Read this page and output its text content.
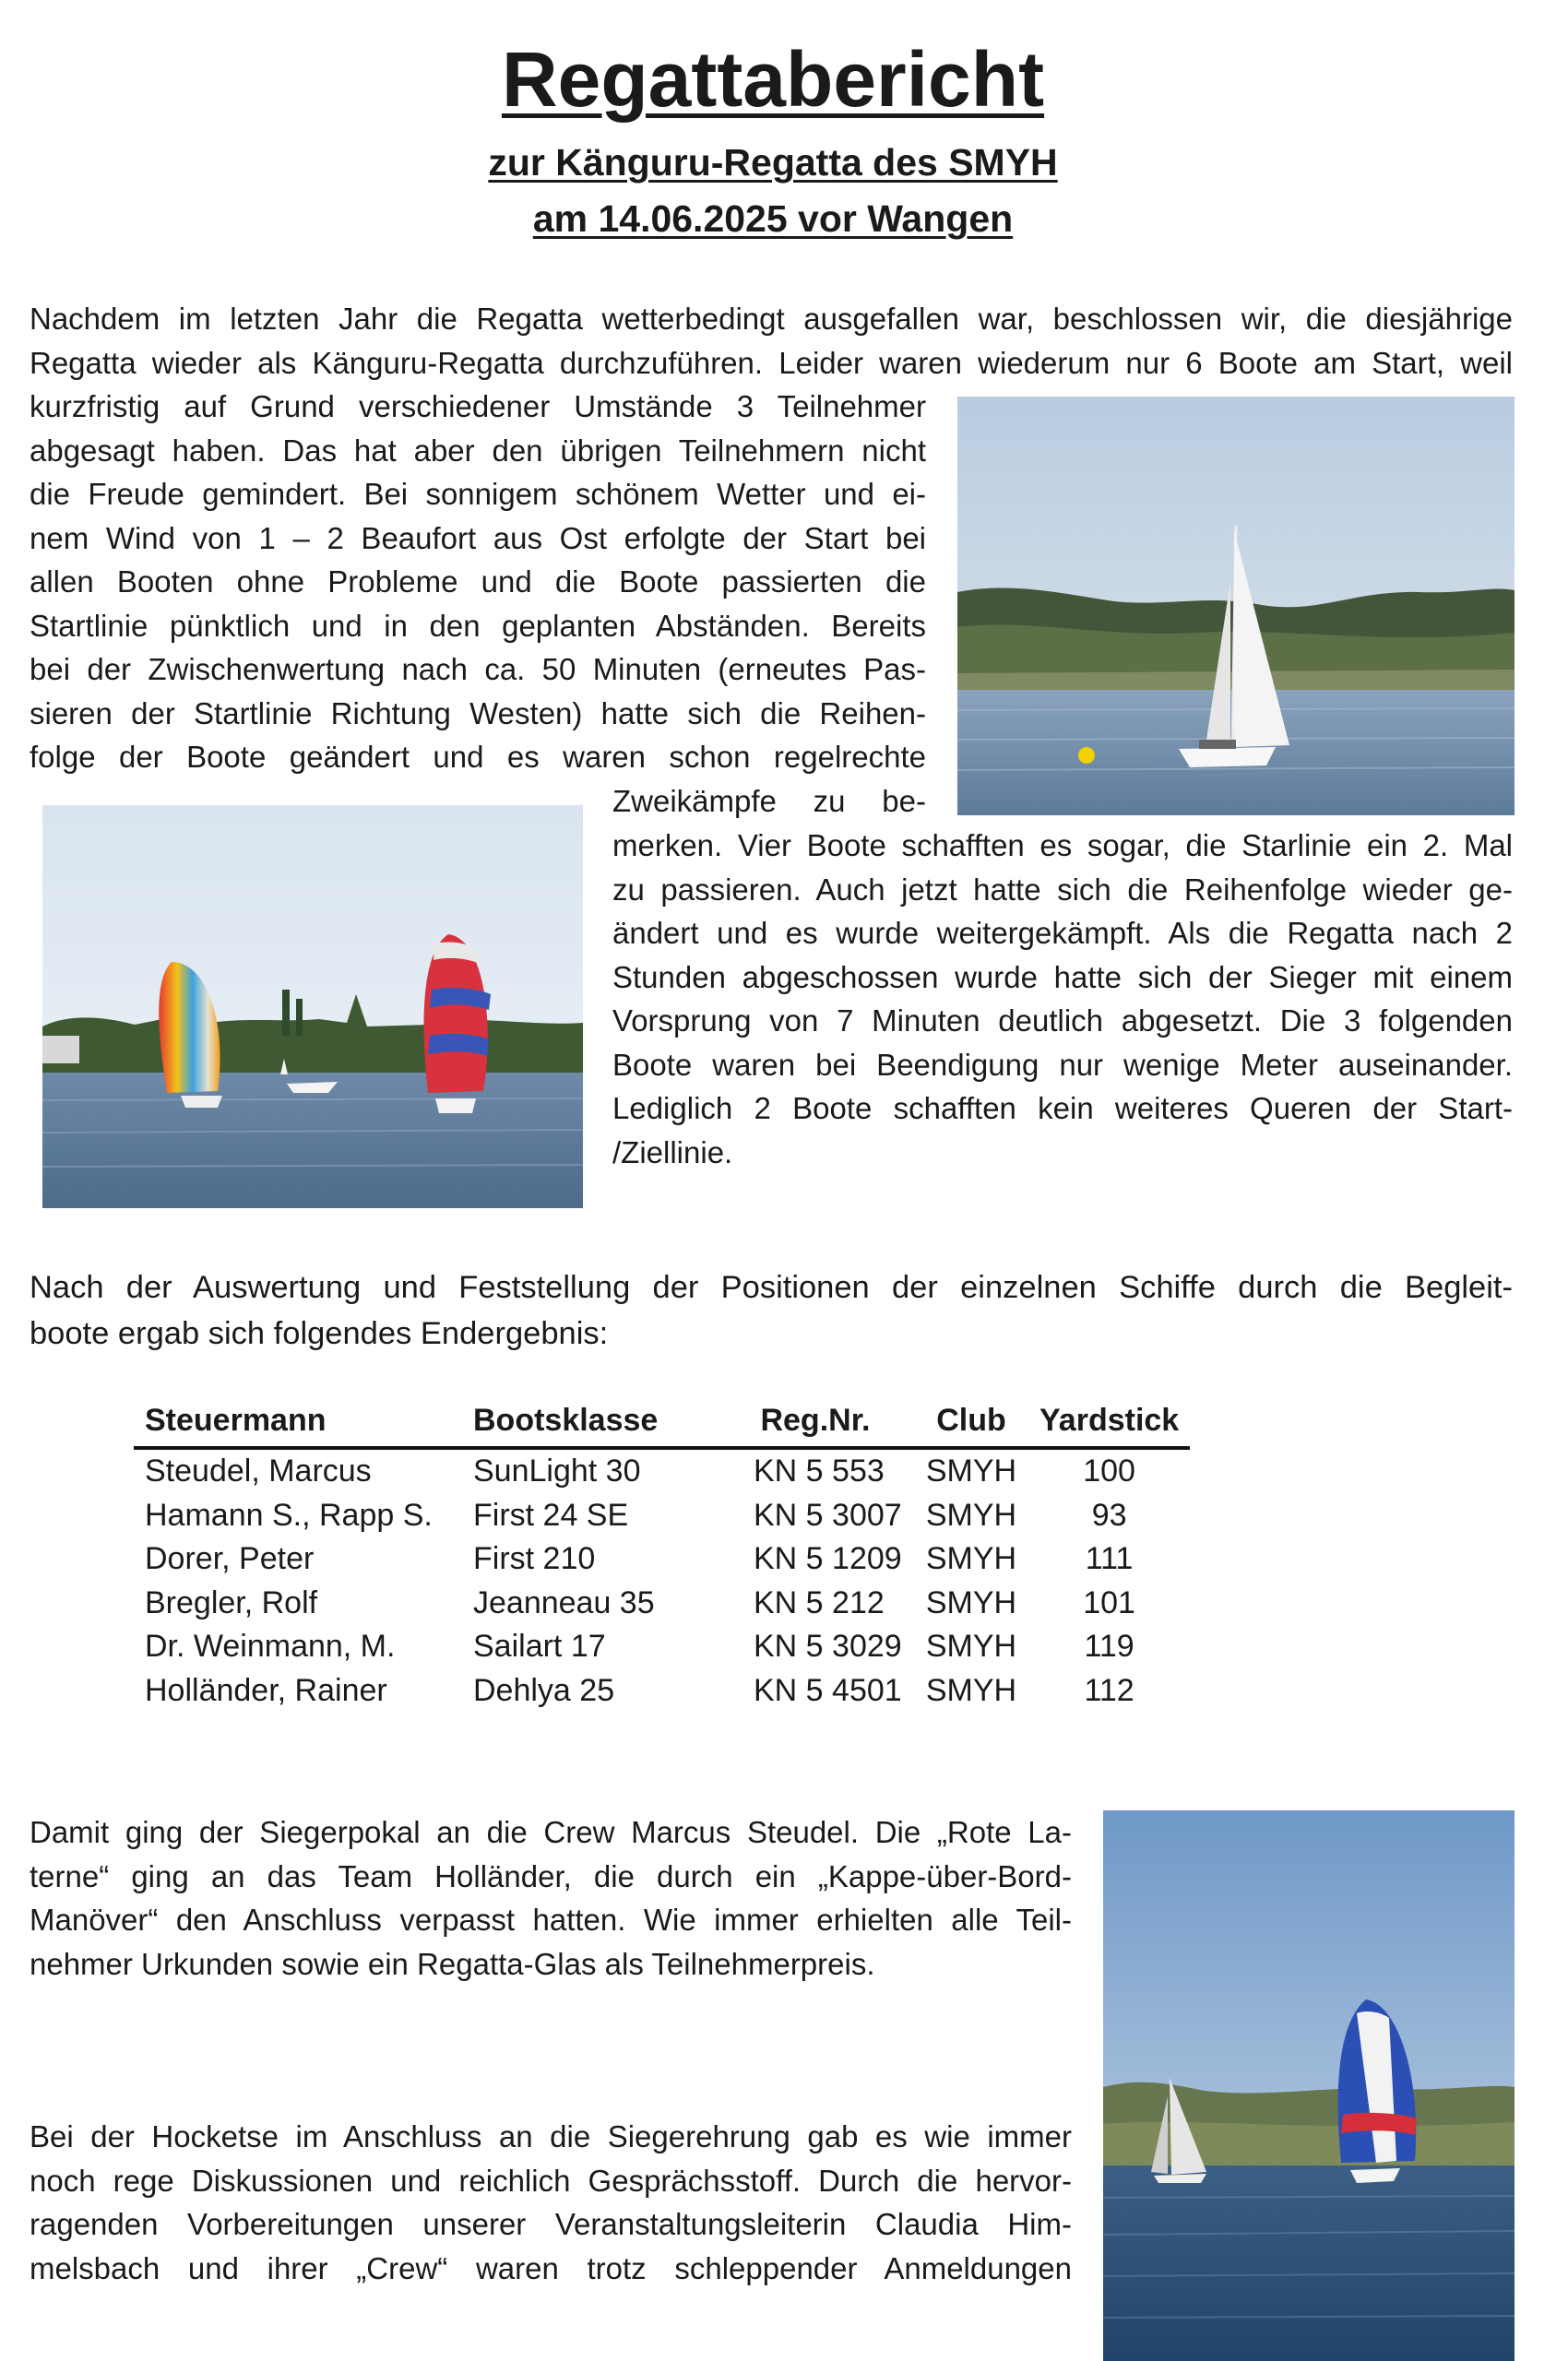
Regattabericht
zur Känguru-Regatta des SMYH
am 14.06.2025 vor Wangen
Nachdem im letzten Jahr die Regatta wetterbedingt ausgefallen war, beschlossen wir, die diesjährige
Regatta wieder als Känguru-Regatta durchzuführen. Leider waren wiederum nur 6 Boote am Start, weil
kurzfristig auf Grund verschiedener Umstände 3 Teilnehmer
abgesagt haben. Das hat aber den übrigen Teilnehmern nicht
die Freude gemindert. Bei sonnigem schönem Wetter und ei-
nem Wind von 1 – 2 Beaufort aus Ost erfolgte der Start bei
allen Booten ohne Probleme und die Boote passierten die
Startlinie pünktlich und in den geplanten Abständen. Bereits
bei der Zwischenwertung nach ca. 50 Minuten (erneutes Pas-
sieren der Startlinie Richtung Westen) hatte sich die Reihen-
folge der Boote geändert und es waren schon regelrechte
Zweikämpfe zu be-
merken. Vier Boote schafften es sogar, die Starlinie ein 2. Mal
zu passieren. Auch jetzt hatte sich die Reihenfolge wieder ge-
ändert und es wurde weitergekämpft. Als die Regatta nach 2
Stunden abgeschossen wurde hatte sich der Sieger mit einem
Vorsprung von 7 Minuten deutlich abgesetzt. Die 3 folgenden
Boote waren bei Beendigung nur wenige Meter auseinander.
Lediglich 2 Boote schafften kein weiteres Queren der Start-
/Ziellinie.
Nach der Auswertung und Feststellung der Positionen der einzelnen Schiffe durch die Begleit-
boote ergab sich folgendes Endergebnis:
Steuermann	Bootsklasse	Reg.Nr.	Club	Yardstick
Steudel, Marcus	SunLight 30	KN 5 553	SMYH	100
Hamann S., Rapp S.	First 24 SE	KN 5 3007	SMYH	93
Dorer, Peter	First 210	KN 5 1209	SMYH	111
Bregler, Rolf	Jeanneau 35	KN 5 212	SMYH	101
Dr. Weinmann, M.	Sailart 17	KN 5 3029	SMYH	119
Holländer, Rainer	Dehlya 25	KN 5 4501	SMYH	112
Damit ging der Siegerpokal an die Crew Marcus Steudel. Die „Rote La-
terne“ ging an das Team Holländer, die durch ein „Kappe-über-Bord-
Manöver“ den Anschluss verpasst hatten. Wie immer erhielten alle Teil-
nehmer Urkunden sowie ein Regatta-Glas als Teilnehmerpreis.
Bei der Hocketse im Anschluss an die Siegerehrung gab es wie immer
noch rege Diskussionen und reichlich Gesprächsstoff. Durch die hervor-
ragenden Vorbereitungen unserer Veranstaltungsleiterin Claudia Him-
melsbach und ihrer „Crew“ waren trotz schleppender Anmeldungen
